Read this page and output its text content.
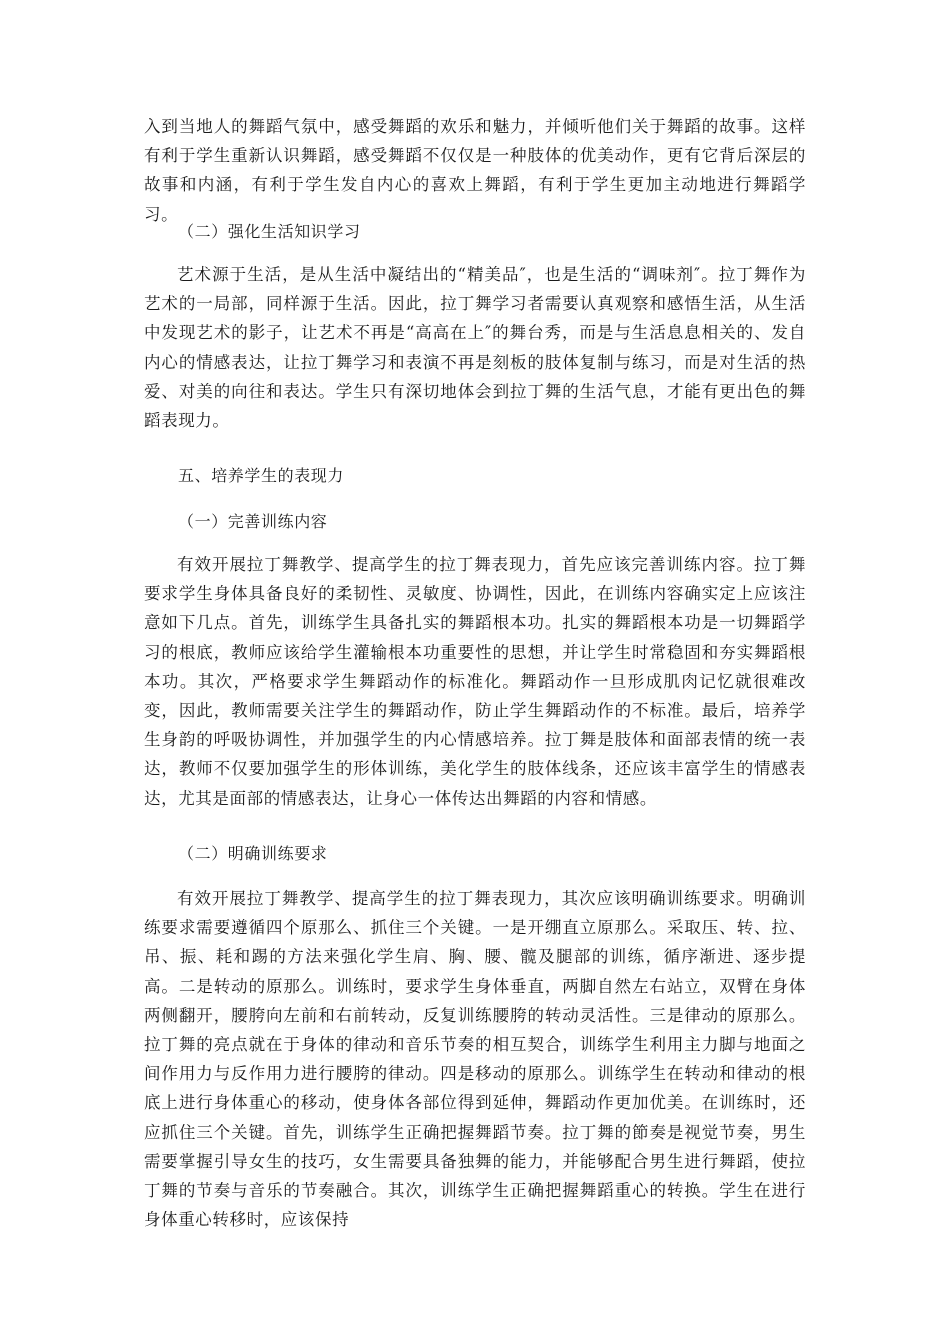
入到当地人的舞蹈气氛中，感受舞蹈的欢乐和魅力，并倾听他们关于舞蹈的故事。这样有利于学生重新认识舞蹈，感受舞蹈不仅仅是一种肢体的优美动作，更有它背后深层的故事和内涵，有利于学生发自内心的喜欢上舞蹈，有利于学生更加主动地进行舞蹈学习。

（二）强化生活知识学习

艺术源于生活，是从生活中凝结出的“精美品″，也是生活的“调味剂″。拉丁舞作为艺术的一局部，同样源于生活。因此，拉丁舞学习者需要认真观察和感悟生活，从生活中发现艺术的影子，让艺术不再是“高高在上″的舞台秀，而是与生活息息相关的、发自内心的情感表达，让拉丁舞学习和表演不再是刻板的肢体复制与练习，而是对生活的热爱、对美的向往和表达。学生只有深切地体会到拉丁舞的生活气息，才能有更出色的舞蹈表现力。

五、培养学生的表现力

（一）完善训练内容

有效开展拉丁舞教学、提高学生的拉丁舞表现力，首先应该完善训练内容。拉丁舞要求学生身体具备良好的柔韧性、灵敏度、协调性，因此，在训练内容确实定上应该注意如下几点。首先，训练学生具备扎实的舞蹈根本功。扎实的舞蹈根本功是一切舞蹈学习的根底，教师应该给学生灌输根本功重要性的思想，并让学生时常稳固和夯实舞蹈根本功。其次，严格要求学生舞蹈动作的标准化。舞蹈动作一旦形成肌肉记忆就很难改变，因此，教师需要关注学生的舞蹈动作，防止学生舞蹈动作的不标准。最后，培养学生身韵的呼吸协调性，并加强学生的内心情感培养。拉丁舞是肢体和面部表情的统一表达，教师不仅要加强学生的形体训练，美化学生的肢体线条，还应该丰富学生的情感表达，尤其是面部的情感表达，让身心一体传达出舞蹈的内容和情感。

（二）明确训练要求

有效开展拉丁舞教学、提高学生的拉丁舞表现力，其次应该明确训练要求。明确训练要求需要遵循四个原那么、抓住三个关键。一是开绷直立原那么。采取压、转、拉、吊、振、耗和踢的方法来强化学生肩、胸、腰、髋及腿部的训练，循序渐进、逐步提高。二是转动的原那么。训练时，要求学生身体垂直，两脚自然左右站立，双臂在身体两侧翻开，腰胯向左前和右前转动，反复训练腰胯的转动灵活性。三是律动的原那么。拉丁舞的亮点就在于身体的律动和音乐节奏的相互契合，训练学生利用主力脚与地面之间作用力与反作用力进行腰胯的律动。四是移动的原那么。训练学生在转动和律动的根底上进行身体重心的移动，使身体各部位得到延伸，舞蹈动作更加优美。在训练时，还应抓住三个关键。首先，训练学生正确把握舞蹈节奏。拉丁舞的節奏是视觉节奏，男生需要掌握引导女生的技巧，女生需要具备独舞的能力，并能够配合男生进行舞蹈，使拉丁舞的节奏与音乐的节奏融合。其次，训练学生正确把握舞蹈重心的转换。学生在进行身体重心转移时，应该保持
